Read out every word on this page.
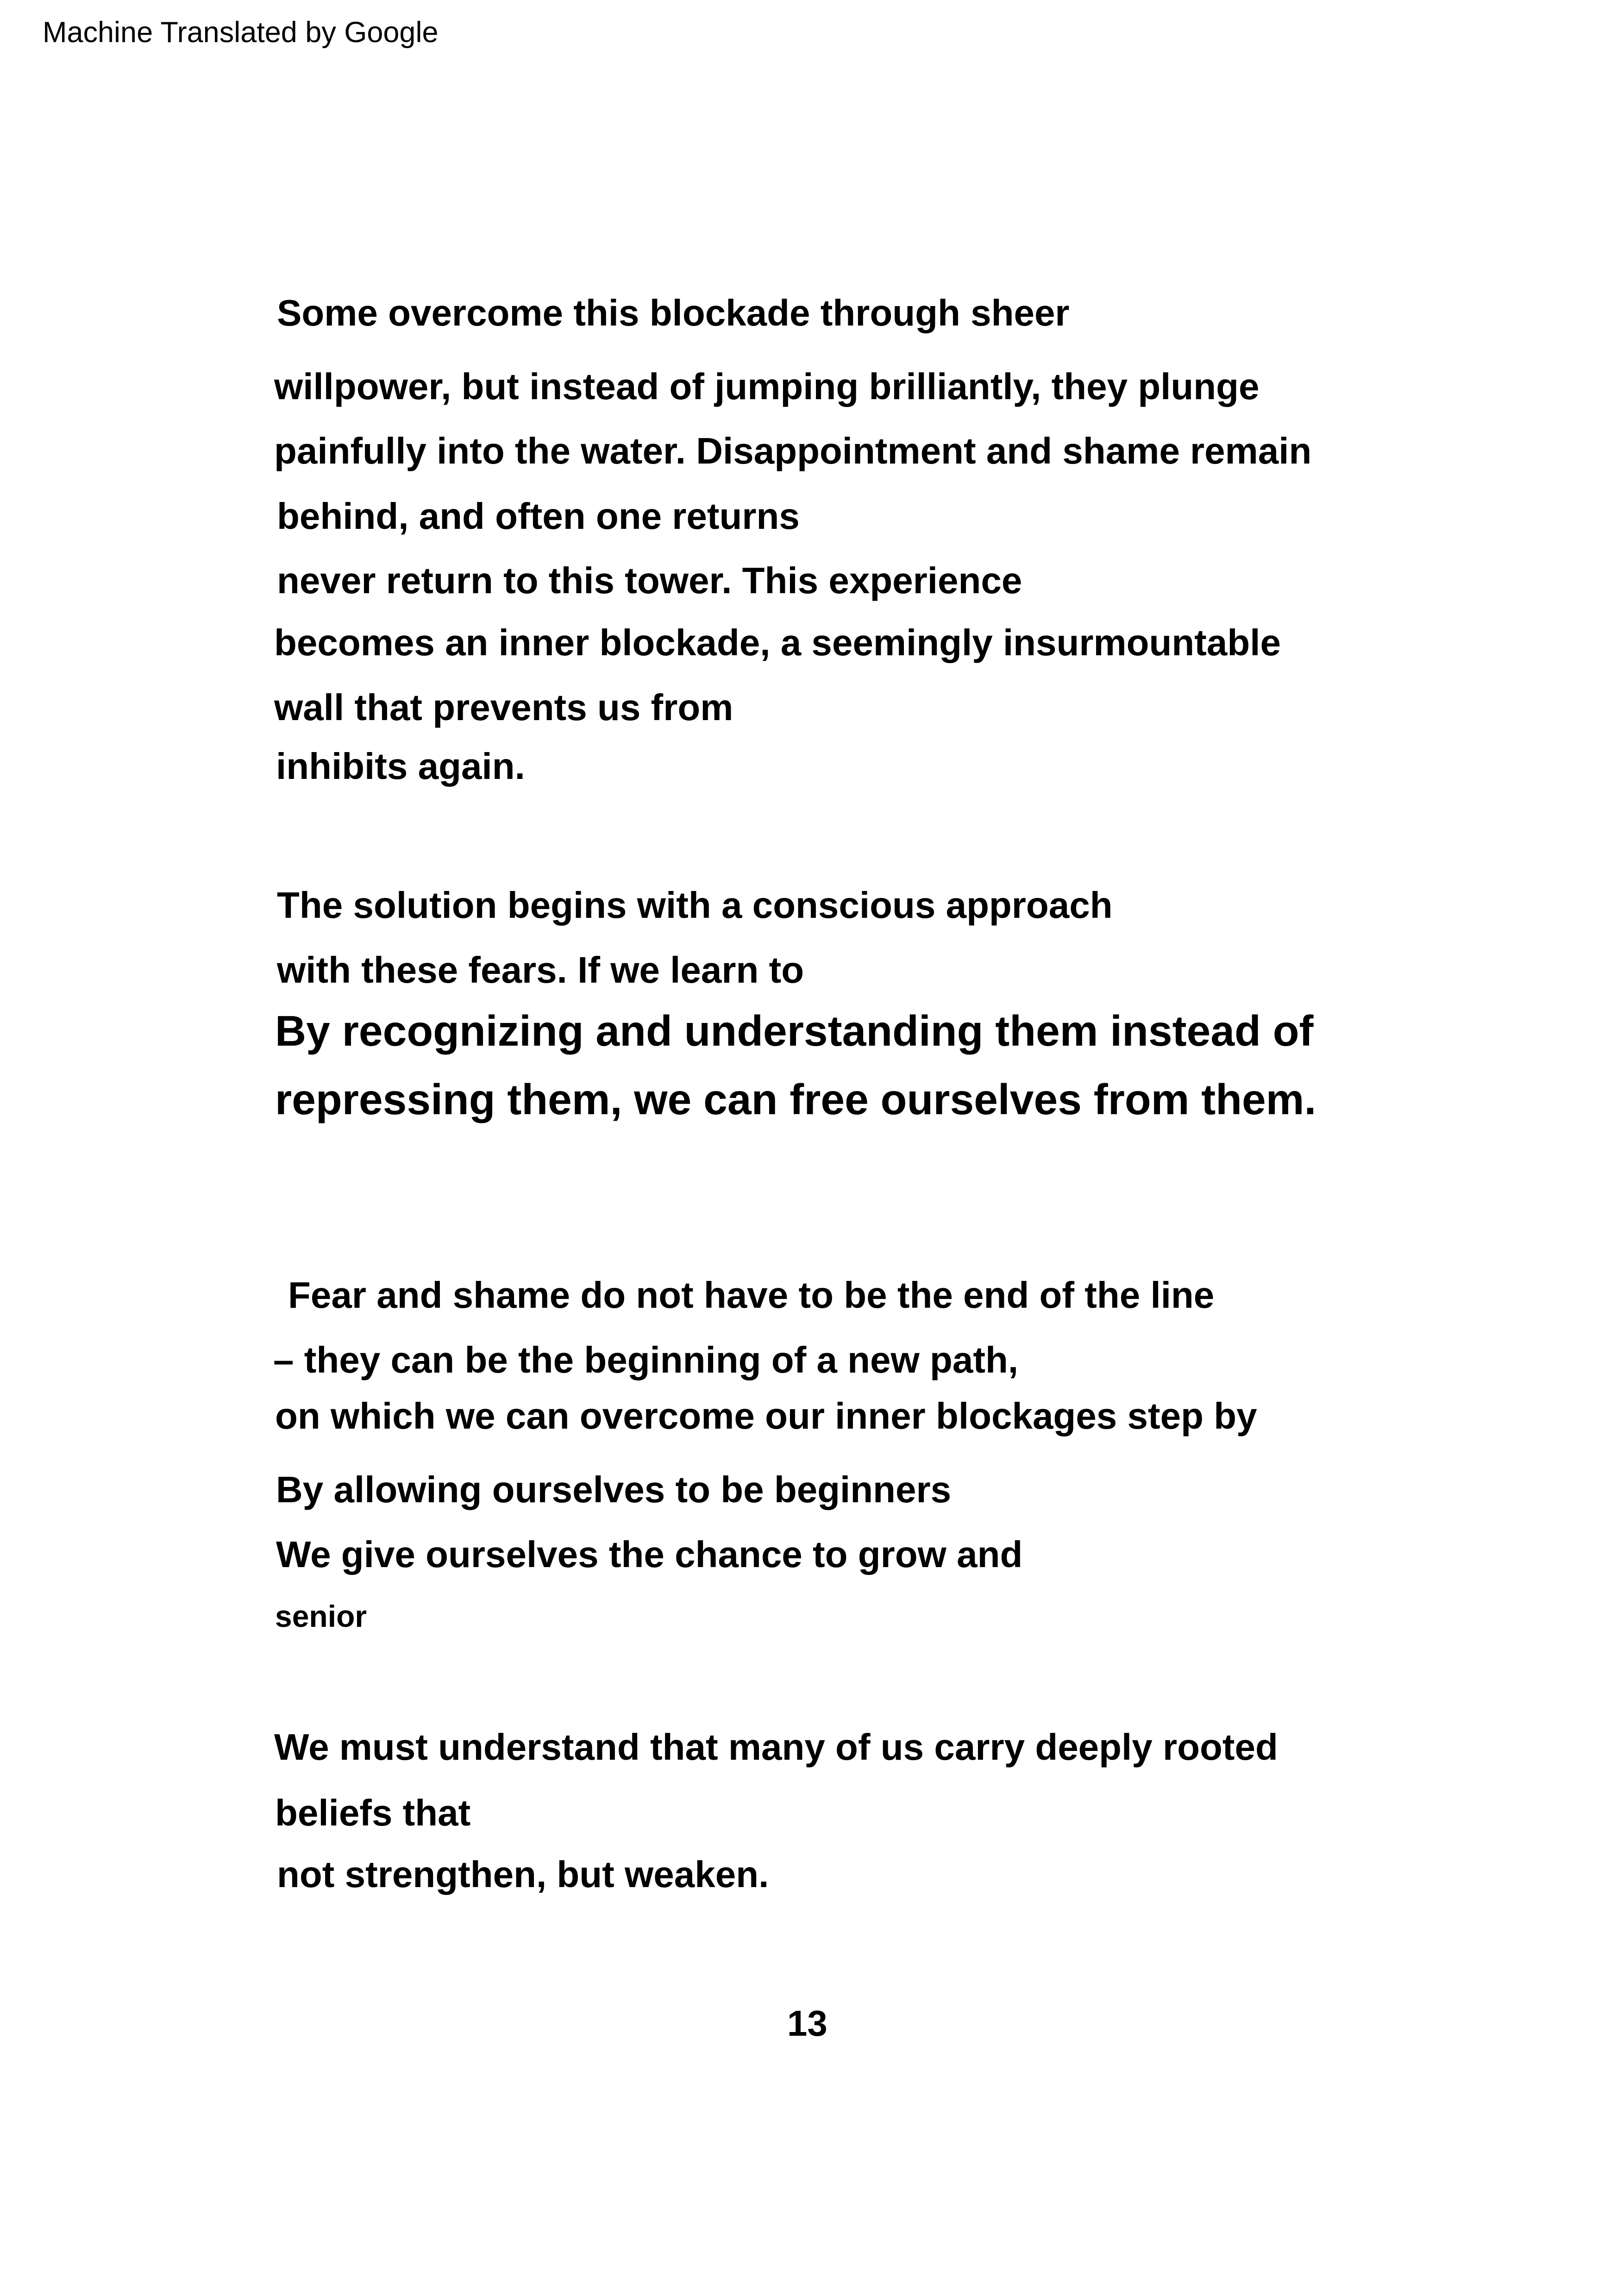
Machine Translated by Google
Some overcome this blockade through sheer
willpower, but instead of jumping brilliantly, they plunge
painfully into the water. Disappointment and shame remain
behind, and often one returns
never return to this tower. This experience
becomes an inner blockade, a seemingly insurmountable
wall that prevents us from
inhibits again.
The solution begins with a conscious approach
with these fears. If we learn to
By recognizing and understanding them instead of
repressing them, we can free ourselves from them.
Fear and shame do not have to be the end of the line
– they can be the beginning of a new path,
on which we can overcome our inner blockages step by
By allowing ourselves to be beginners
We give ourselves the chance to grow and
senior
We must understand that many of us carry deeply rooted
beliefs that
not strengthen, but weaken.
13
